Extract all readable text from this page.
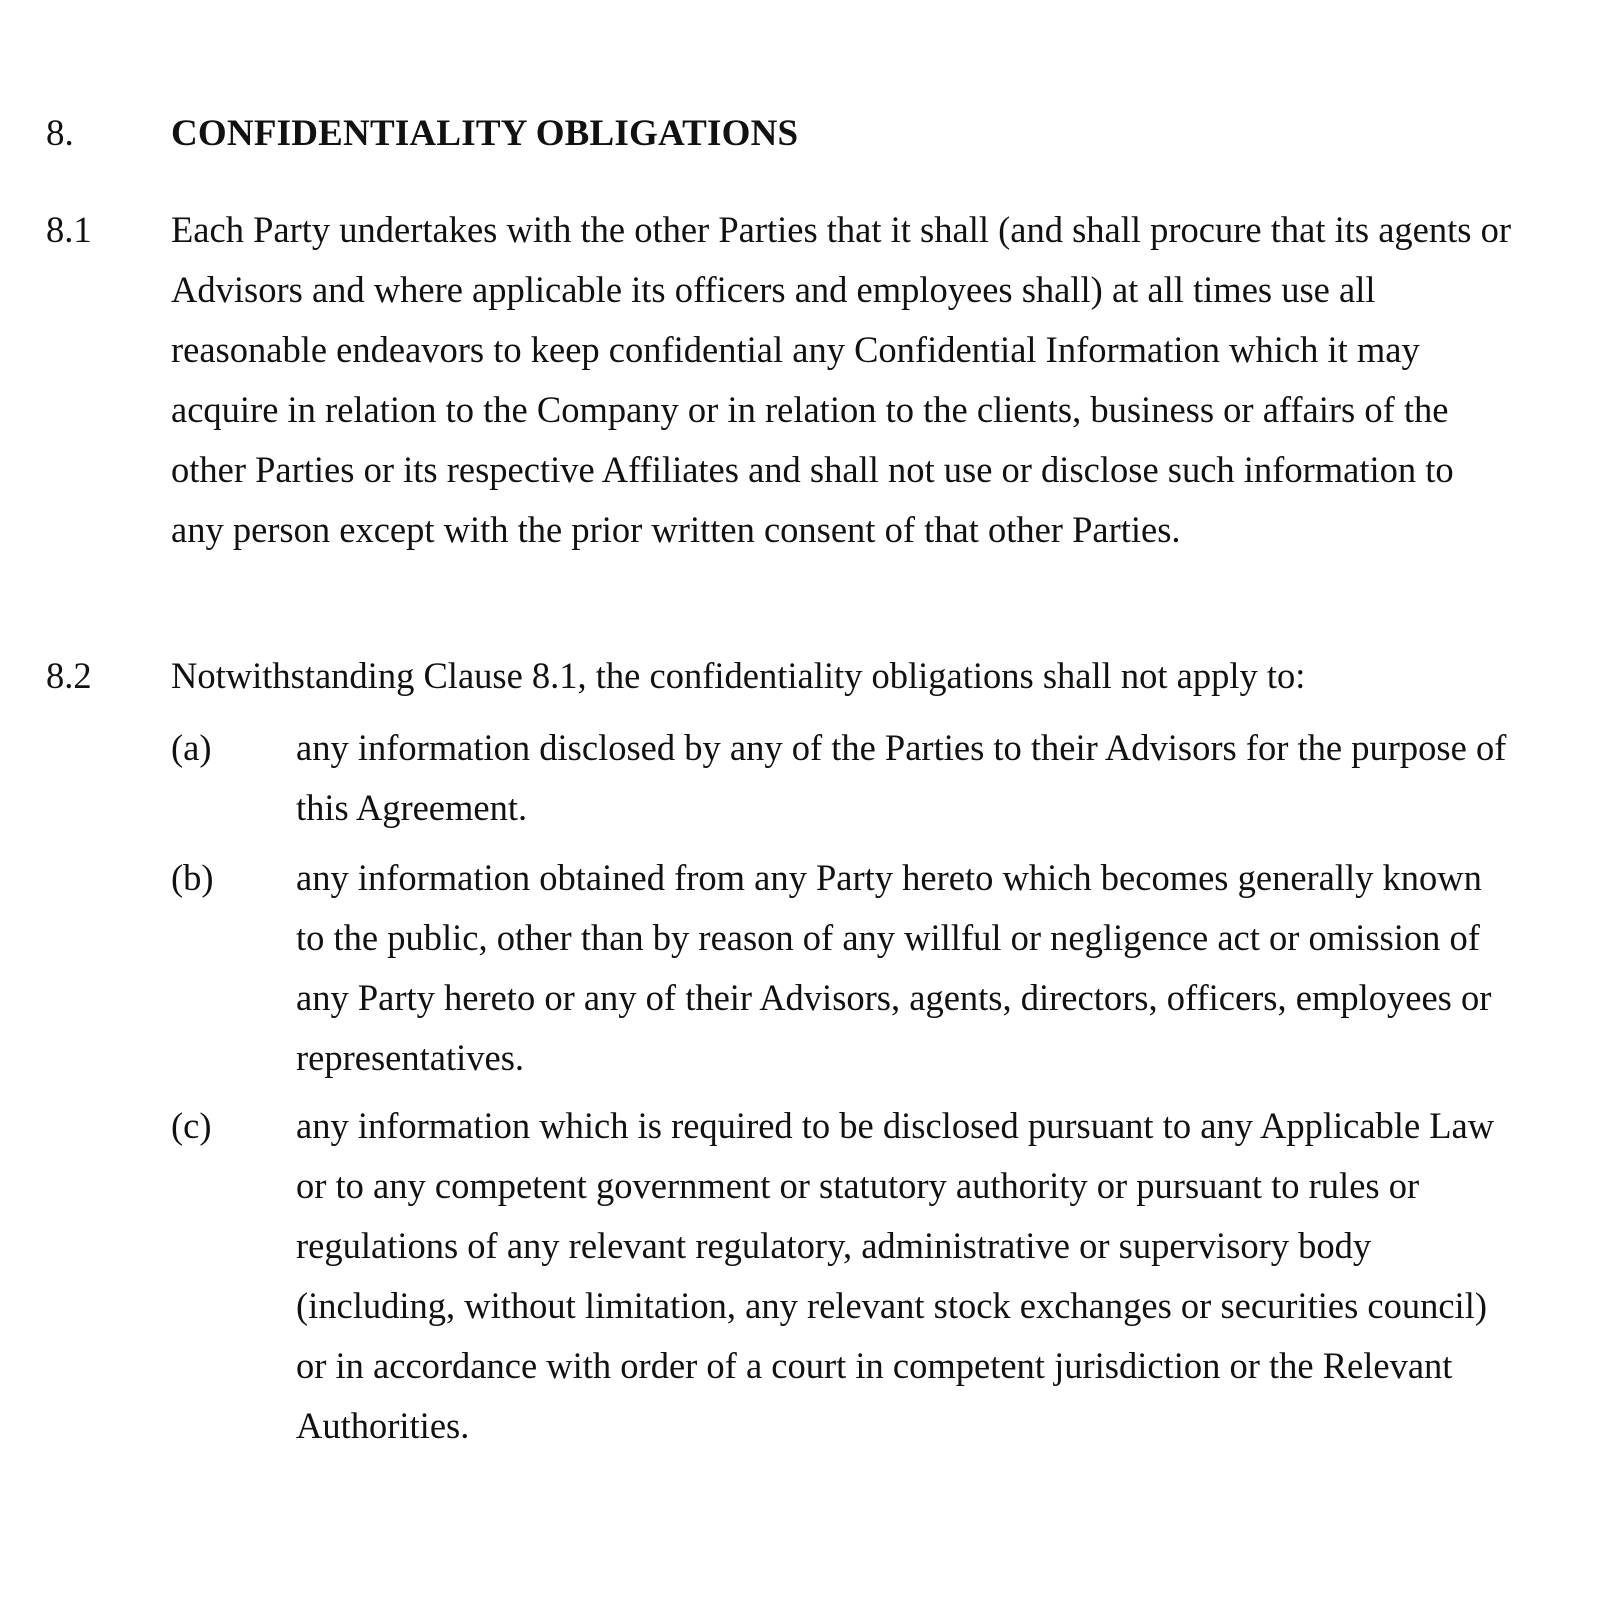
8.	CONFIDENTIALITY OBLIGATIONS
8.1 Each Party undertakes with the other Parties that it shall (and shall procure that its agents or Advisors and where applicable its officers and employees shall) at all times use all reasonable endeavors to keep confidential any Confidential Information which it may acquire in relation to the Company or in relation to the clients, business or affairs of the other Parties or its respective Affiliates and shall not use or disclose such information to any person except with the prior written consent of that other Parties.
8.2 Notwithstanding Clause 8.1, the confidentiality obligations shall not apply to:
(a) any information disclosed by any of the Parties to their Advisors for the purpose of this Agreement.
(b) any information obtained from any Party hereto which becomes generally known to the public, other than by reason of any willful or negligence act or omission of any Party hereto or any of their Advisors, agents, directors, officers, employees or representatives.
(c) any information which is required to be disclosed pursuant to any Applicable Law or to any competent government or statutory authority or pursuant to rules or regulations of any relevant regulatory, administrative or supervisory body (including, without limitation, any relevant stock exchanges or securities council) or in accordance with order of a court in competent jurisdiction or the Relevant Authorities.
